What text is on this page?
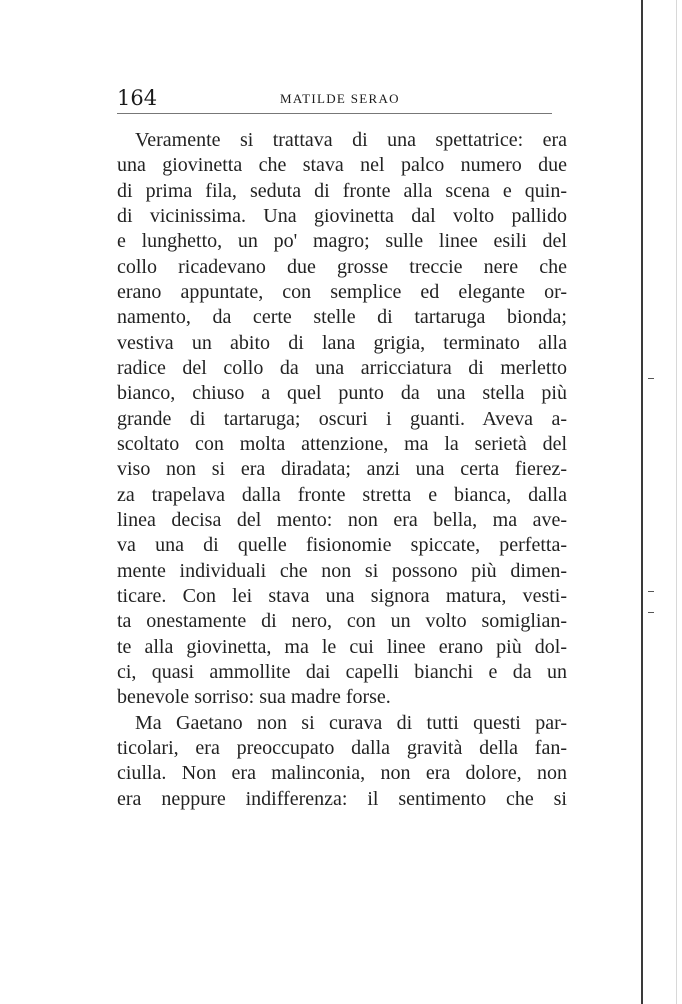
164	MATILDE SERAO
Veramente si trattava di una spettatrice: era
una giovinetta che stava nel palco numero due
di prima fila, seduta di fronte alla scena e quin-
di vicinissima. Una giovinetta dal volto pallido
e lunghetto, un po' magro; sulle linee esili del
collo ricadevano due grosse treccie nere che
erano appuntate, con semplice ed elegante or-
namento, da certe stelle di tartaruga bionda;
vestiva un abito di lana grigia, terminato alla
radice del collo da una arricciatura di merletto
bianco, chiuso a quel punto da una stella più
grande di tartaruga; oscuri i guanti. Aveva a-
scoltato con molta attenzione, ma la serietà del
viso non si era diradata; anzi una certa fierez-
za trapelava dalla fronte stretta e bianca, dalla
linea decisa del mento: non era bella, ma ave-
va una di quelle fisionomie spiccate, perfetta-
mente individuali che non si possono più dimen-
ticare. Con lei stava una signora matura, vesti-
ta onestamente di nero, con un volto somiglian-
te alla giovinetta, ma le cui linee erano più dol-
ci, quasi ammollite dai capelli bianchi e da un
benevole sorriso: sua madre forse.
Ma Gaetano non si curava di tutti questi par-
ticolari, era preoccupato dalla gravità della fan-
ciulla. Non era malinconia, non era dolore, non
era neppure indifferenza: il sentimento che si
